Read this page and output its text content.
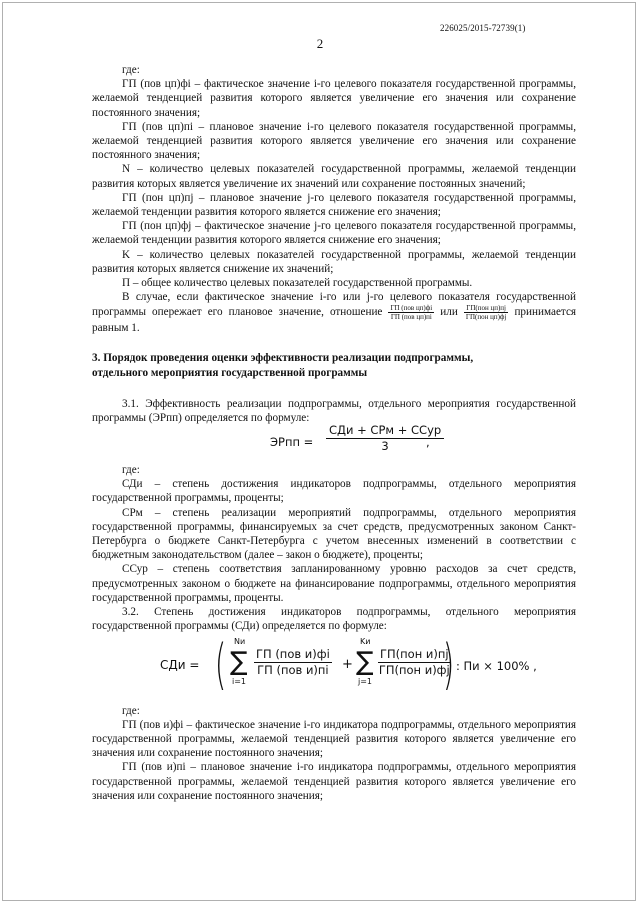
226025/2015-72739(1)
2

где:

ГП (пов цп)фi – фактическое значение i-го целевого показателя государственной программы, желаемой тенденцией развития которого является увеличение его значения или сохранение постоянного значения;

ГП (пов цп)пi – плановое значение i-го целевого показателя государственной программы, желаемой тенденцией развития которого является увеличение его значения или сохранение постоянного значения;

N – количество целевых показателей государственной программы, желаемой тенденции развития которых является увеличение их значений или сохранение постоянных значений;

ГП (пон цп)пj – плановое значение j-го целевого показателя государственной программы, желаемой тенденции развития которого является снижение его значения;

ГП (пон цп)фj – фактическое значение j-го целевого показателя государственной программы, желаемой тенденции развития которого является снижение его значения;

K – количество целевых показателей государственной программы, желаемой тенденции развития которых является снижение их значений;

П – общее количество целевых показателей государственной программы.

В случае, если фактическое значение i-го или j-го целевого показателя государственной программы опережает его плановое значение, отношение $\frac{\text{ГП (пов цп)фi}}{\text{ГП (пов цп)пi}}$ или $\frac{\text{ГП(пон цп)пj}}{\text{ГП(пон цп)фj}}$ принимается равным 1.

3. Порядок проведения оценки эффективности реализации подпрограммы,
отдельного мероприятия государственной программы

3.1. Эффективность реализации подпрограммы, отдельного мероприятия государственной программы (ЭРпп) определяется по формуле:

ЭРпп =
СДи + СРм + ССур
3	,

где:

СДи – степень достижения индикаторов подпрограммы, отдельного мероприятия государственной программы, проценты;

СРм – степень реализации мероприятий подпрограммы, отдельного мероприятия государственной программы, финансируемых за счет средств, предусмотренных законом Санкт-Петербурга о бюджете Санкт-Петербурга с учетом внесенных изменений в соответствии с бюджетным законодательством (далее – закон о бюджете), проценты;

ССур – степень соответствия запланированному уровню расходов за счет средств, предусмотренных законом о бюджете на финансирование подпрограммы, отдельного мероприятия государственной программы, проценты.

3.2. Степень достижения индикаторов подпрограммы, отдельного мероприятия государственной программы (СДи) определяется по формуле:

СДи = ( Nи
∑
i=1
ГП (пов и)фi
ГП (пов и)пi +
Kи
∑
j=1
ГП(пон и)пj
ГП(пон и)фj
) : Пи × 100% ,

где:

ГП (пов и)фi – фактическое значение i-го индикатора подпрограммы, отдельного мероприятия государственной программы, желаемой тенденцией развития которого является увеличение его значения или сохранение постоянного значения;

ГП (пов и)пi – плановое значение i-го индикатора подпрограммы, отдельного мероприятия государственной программы, желаемой тенденцией развития которого является увеличение его значения или сохранение постоянного значения;
